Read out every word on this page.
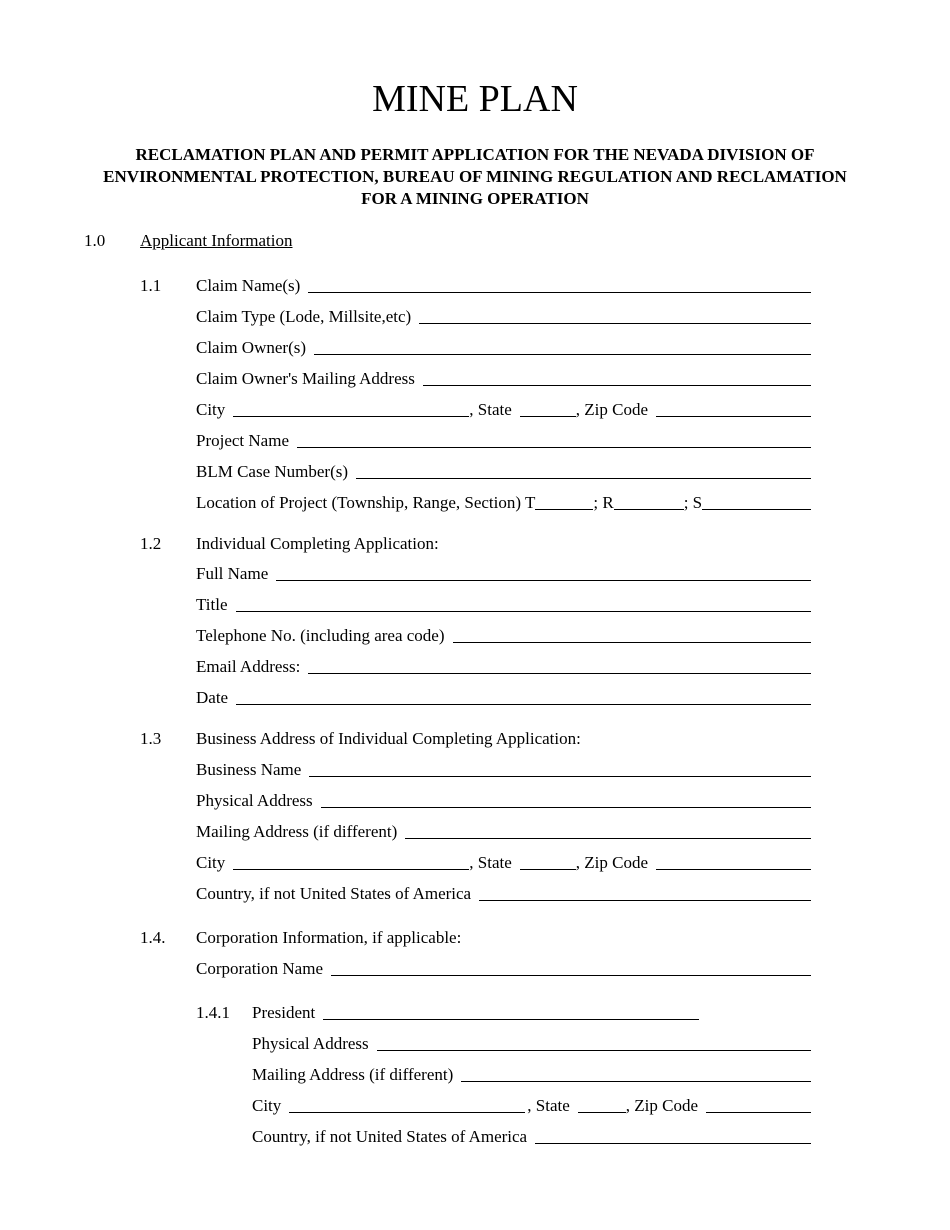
MINE PLAN
RECLAMATION PLAN AND PERMIT APPLICATION FOR THE NEVADA DIVISION OF ENVIRONMENTAL PROTECTION, BUREAU OF MINING REGULATION AND RECLAMATION FOR A MINING OPERATION
1.0 Applicant Information
1.1 Claim Name(s)
Claim Type (Lode, Millsite,etc)
Claim Owner(s)
Claim Owner's Mailing Address
City	, State	, Zip Code
Project Name
BLM Case Number(s)
Location of Project (Township, Range, Section) T	; R	; S
1.2 Individual Completing Application:
Full Name
Title
Telephone No. (including area code)
Email Address:
Date
1.3 Business Address of Individual Completing Application:
Business Name
Physical Address
Mailing Address (if different)
City	, State	, Zip Code
Country, if not United States of America
1.4. Corporation Information, if applicable:
Corporation Name
1.4.1 President
Physical Address
Mailing Address (if different)
City	, State	, Zip Code
Country, if not United States of America
